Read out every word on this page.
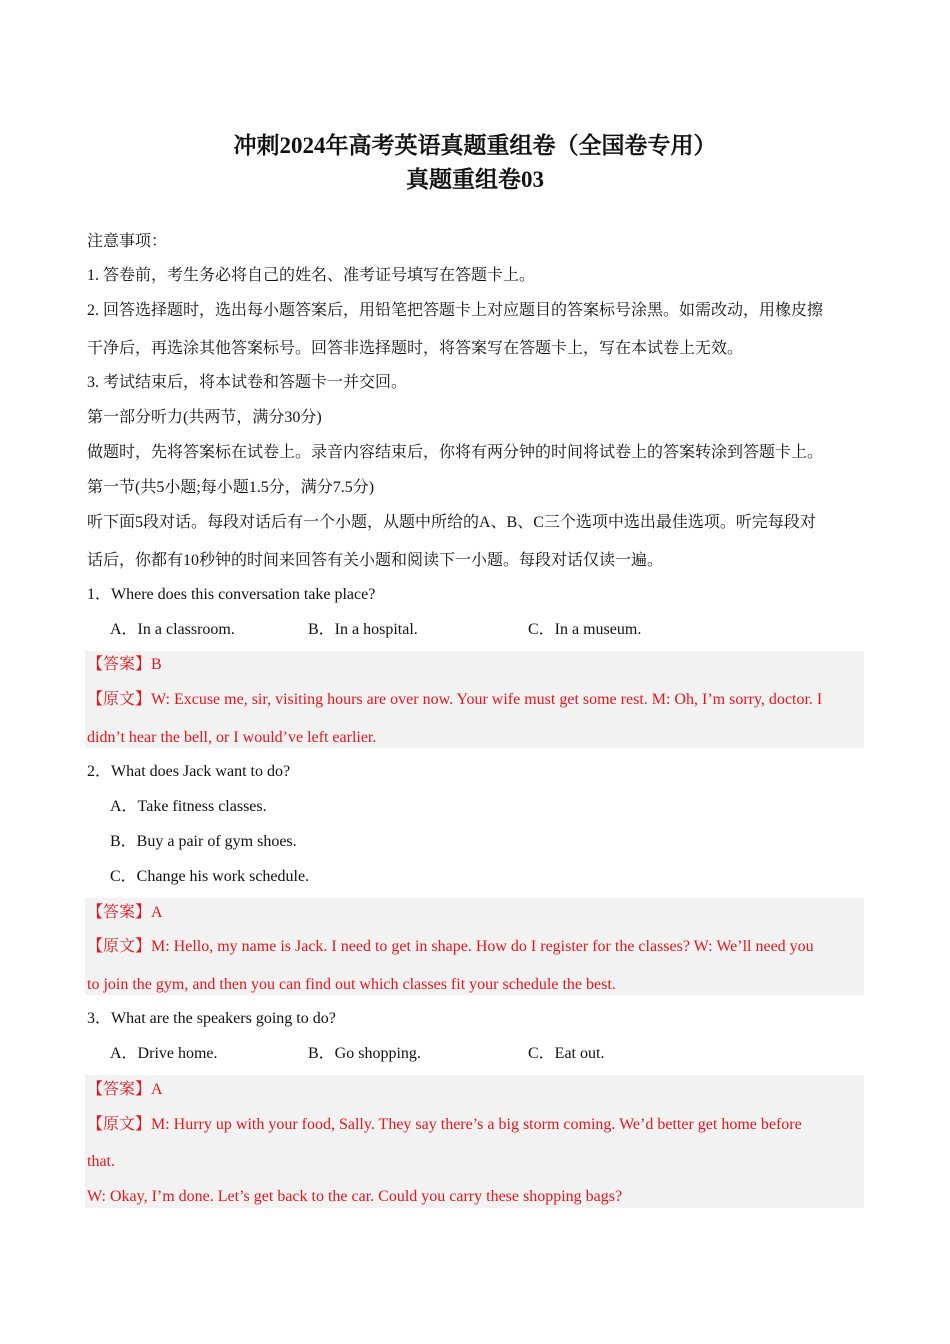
冲刺2024年高考英语真题重组卷（全国卷专用）
真题重组卷03
注意事项：
1. 答卷前，考生务必将自己的姓名、准考证号填写在答题卡上。
2. 回答选择题时，选出每小题答案后，用铅笔把答题卡上对应题目的答案标号涂黑。如需改动，用橡皮擦
干净后，再选涂其他答案标号。回答非选择题时，将答案写在答题卡上，写在本试卷上无效。
3. 考试结束后，将本试卷和答题卡一并交回。
第一部分听力(共两节，满分30分)
做题时，先将答案标在试卷上。录音内容结束后，你将有两分钟的时间将试卷上的答案转涂到答题卡上。
第一节(共5小题;每小题1.5分，满分7.5分)
听下面5段对话。每段对话后有一个小题，从题中所给的A、B、C三个选项中选出最佳选项。听完每段对
话后，你都有10秒钟的时间来回答有关小题和阅读下一小题。每段对话仅读一遍。
1．Where does this conversation take place?
A．In a classroom.	B．In a hospital.	C．In a museum.
【答案】B
【原文】W: Excuse me, sir, visiting hours are over now. Your wife must get some rest. M: Oh, I’m sorry, doctor. I
didn’t hear the bell, or I would’ve left earlier.
2．What does Jack want to do?
A．Take fitness classes.
B．Buy a pair of gym shoes.
C．Change his work schedule.
【答案】A
【原文】M: Hello, my name is Jack. I need to get in shape. How do I register for the classes? W: We’ll need you
to join the gym, and then you can find out which classes fit your schedule the best.
3．What are the speakers going to do?
A．Drive home.	B．Go shopping.	C．Eat out.
【答案】A
【原文】M: Hurry up with your food, Sally. They say there’s a big storm coming. We’d better get home before
that.
W: Okay, I’m done. Let’s get back to the car. Could you carry these shopping bags?
